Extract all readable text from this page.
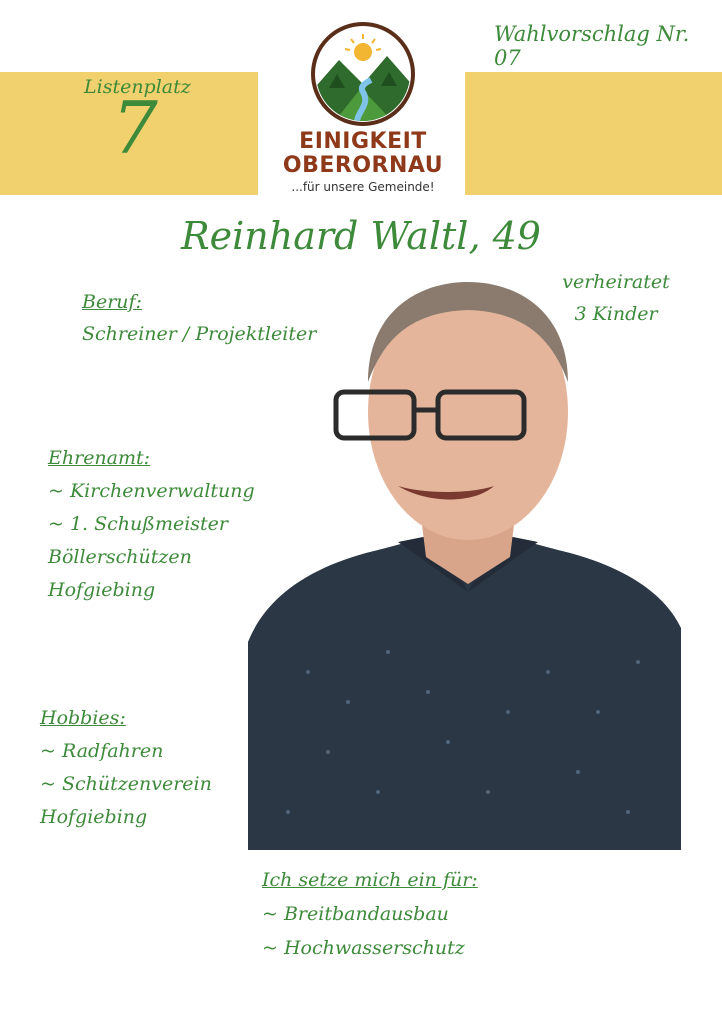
Listenplatz
7
Wahlvorschlag Nr. 07
EINIGKEIT
OBERORNAU
...für unsere Gemeinde!
Reinhard Waltl, 49
verheiratet
3 Kinder
Beruf:
Schreiner / Projektleiter
Ehrenamt:
~ Kirchenverwaltung
~ 1. Schußmeister
Böllerschützen
Hofgiebing
Hobbies:
~ Radfahren
~ Schützenverein
Hofgiebing
Ich setze mich ein für:
~ Breitbandausbau
~ Hochwasserschutz
